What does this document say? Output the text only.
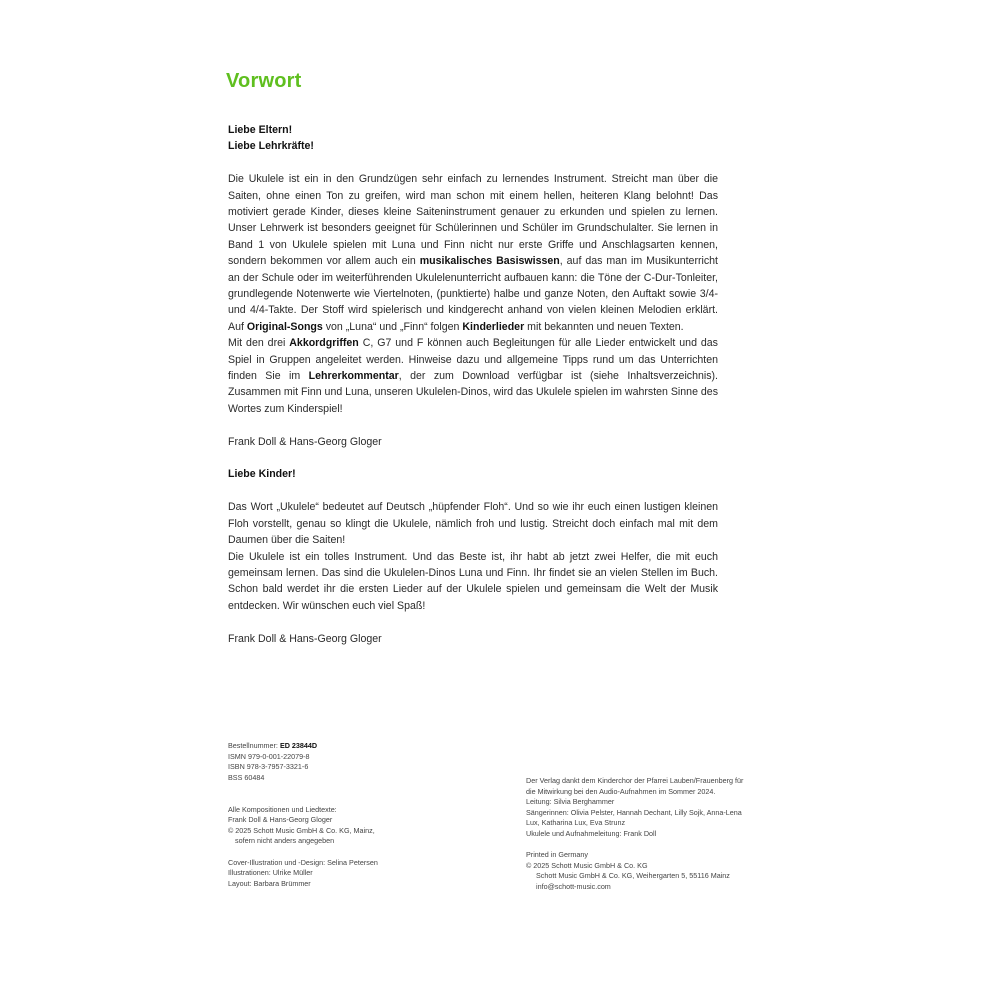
Vorwort

Liebe Eltern!

Liebe Lehrkräfte!

Die Ukulele ist ein in den Grundzügen sehr einfach zu lernendes Instrument. Streicht man über die Saiten, ohne einen Ton zu greifen, wird man schon mit einem hellen, heiteren Klang belohnt! Das motiviert gerade Kinder, dieses kleine Saiteninstrument genauer zu erkunden und spielen zu lernen. Unser Lehrwerk ist besonders geeignet für Schülerinnen und Schüler im Grundschulalter. Sie lernen in Band 1 von Ukulele spielen mit Luna und Finn nicht nur erste Griffe und Anschlagsarten kennen, sondern bekommen vor allem auch ein musikalisches Basiswissen, auf das man im Musikunterricht an der Schule oder im weiterführenden Ukulelenunterricht aufbauen kann: die Töne der C-Dur-Tonleiter, grundlegende Notenwerte wie Viertelnoten, (punktierte) halbe und ganze Noten, den Auftakt sowie 3/4- und 4/4-Takte. Der Stoff wird spielerisch und kindgerecht anhand von vielen kleinen Melodien erklärt. Auf Original-Songs von „Luna“ und „Finn“ folgen Kinderlieder mit bekannten und neuen Texten.

Mit den drei Akkordgriffen C, G7 und F können auch Begleitungen für alle Lieder entwickelt und das Spiel in Gruppen angeleitet werden. Hinweise dazu und allgemeine Tipps rund um das Unterrichten finden Sie im Lehrerkommentar, der zum Download verfügbar ist (siehe Inhaltsverzeichnis). Zusammen mit Finn und Luna, unseren Ukulelen-Dinos, wird das Ukulele spielen im wahrsten Sinne des Wortes zum Kinderspiel!

Frank Doll & Hans-Georg Gloger

Liebe Kinder!

Das Wort „Ukulele“ bedeutet auf Deutsch „hüpfender Floh“. Und so wie ihr euch einen lustigen kleinen Floh vorstellt, genau so klingt die Ukulele, nämlich froh und lustig. Streicht doch einfach mal mit dem Daumen über die Saiten!

Die Ukulele ist ein tolles Instrument. Und das Beste ist, ihr habt ab jetzt zwei Helfer, die mit euch gemeinsam lernen. Das sind die Ukulelen-Dinos Luna und Finn. Ihr findet sie an vielen Stellen im Buch. Schon bald werdet ihr die ersten Lieder auf der Ukulele spielen und gemeinsam die Welt der Musik entdecken. Wir wünschen euch viel Spaß!

Frank Doll & Hans-Georg Gloger

Bestellnummer: ED 23844D

ISMN 979-0-001-22079-8

ISBN 978-3-7957-3321-6

BSS 60484

Alle Kompositionen und Liedtexte:

Frank Doll & Hans-Georg Gloger

© 2025 Schott Music GmbH & Co. KG, Mainz,

sofern nicht anders angegeben

Cover-Illustration und -Design: Selina Petersen

Illustrationen: Ulrike Müller

Layout: Barbara Brümmer

Der Verlag dankt dem Kinderchor der Pfarrei Lauben/Frauenberg für

die Mitwirkung bei den Audio-Aufnahmen im Sommer 2024.

Leitung: Silvia Berghammer

Sängerinnen: Olivia Pelster, Hannah Dechant, Lilly Sojk, Anna-Lena

Lux, Katharina Lux, Eva Strunz

Ukulele und Aufnahmeleitung: Frank Doll

Printed in Germany

© 2025 Schott Music GmbH & Co. KG

Schott Music GmbH & Co. KG, Weihergarten 5, 55116 Mainz

info@schott-music.com
